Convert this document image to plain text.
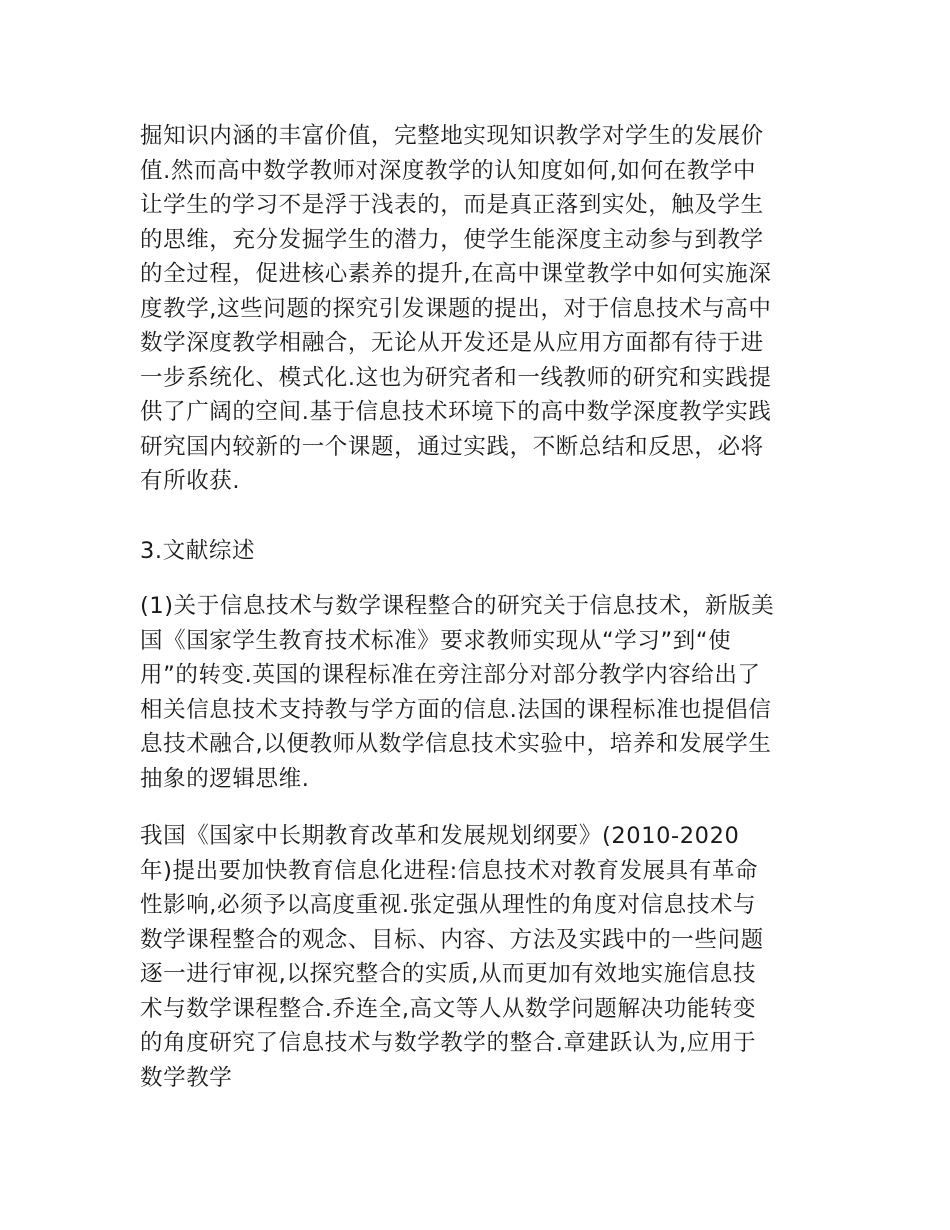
掘知识内涵的丰富价值，完整地实现知识教学对学生的发展价
值.然而高中数学教师对深度教学的认知度如何,如何在教学中
让学生的学习不是浮于浅表的，而是真正落到实处，触及学生
的思维，充分发掘学生的潜力，使学生能深度主动参与到教学
的全过程，促进核心素养的提升,在高中课堂教学中如何实施深
度教学,这些问题的探究引发课题的提出，对于信息技术与高中
数学深度教学相融合，无论从开发还是从应用方面都有待于进
一步系统化、模式化.这也为研究者和一线教师的研究和实践提
供了广阔的空间.基于信息技术环境下的高中数学深度教学实践
研究国内较新的一个课题，通过实践，不断总结和反思，必将
有所收获.

3.文献综述

(1)关于信息技术与数学课程整合的研究关于信息技术，新版美
国《国家学生教育技术标准》要求教师实现从“学习”到“使
用”的转变.英国的课程标准在旁注部分对部分教学内容给出了
相关信息技术支持教与学方面的信息.法国的课程标准也提倡信
息技术融合,以便教师从数学信息技术实验中，培养和发展学生
抽象的逻辑思维.

我国《国家中长期教育改革和发展规划纲要》(2010-2020
年)提出要加快教育信息化进程:信息技术对教育发展具有革命
性影响,必须予以高度重视.张定强从理性的角度对信息技术与
数学课程整合的观念、目标、内容、方法及实践中的一些问题
逐一进行审视,以探究整合的实质,从而更加有效地实施信息技
术与数学课程整合.乔连全,高文等人从数学问题解决功能转变
的角度研究了信息技术与数学教学的整合.章建跃认为,应用于
数学教学
